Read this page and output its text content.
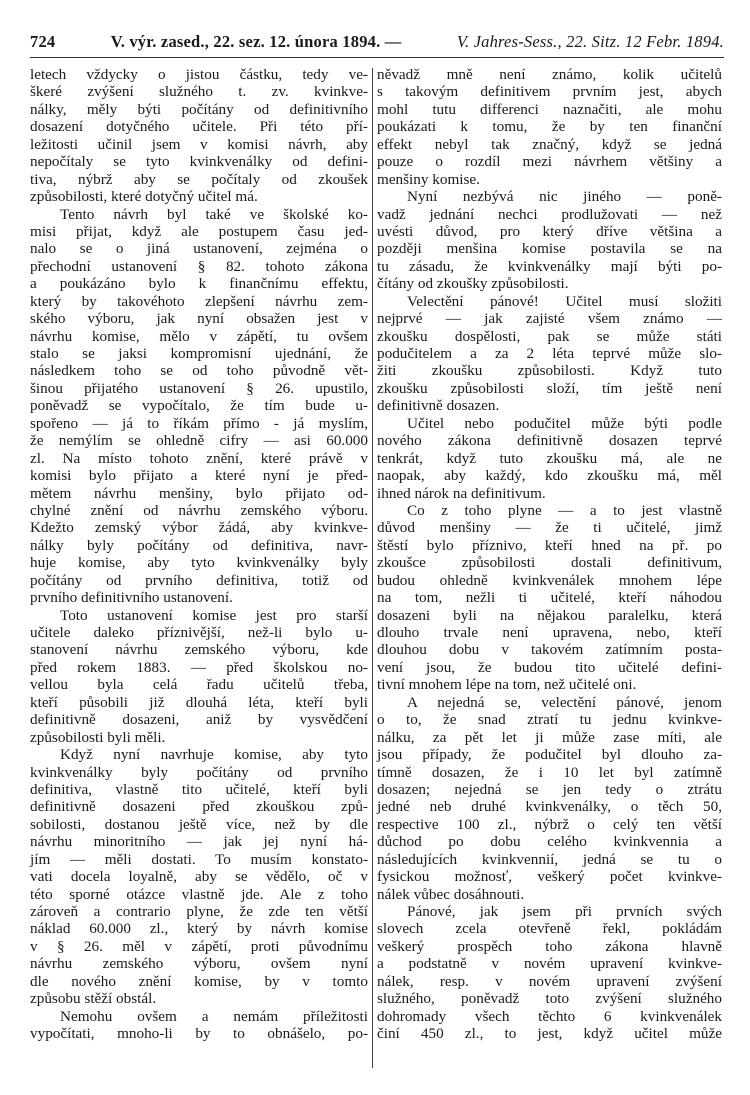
724	V. výr. zased., 22. sez. 12. února 1894. —	V. Jahres-Sess., 22. Sitz. 12 Febr. 1894.
letech vždycky o jistou částku, tedy ve-
škeré zvýšení služného t. zv. kvinkve-
nálky, měly býti počítány od definitivního
dosazení dotyčného učitele. Při této pří-
ležitosti učinil jsem v komisi návrh, aby
nepočítaly se tyto kvinkvenálky od defini-
tiva, nýbrž aby se počítaly od zkoušek
způsobilosti, které dotyčný učitel má.
Tento návrh byl také ve školské ko-
misi přijat, když ale postupem času jed-
nalo se o jiná ustanovení, zejména o
přechodní ustanovení § 82. tohoto zákona
a poukázáno bylo k finančnímu effektu,
který by takovéhoto zlepšení návrhu zem-
ského výboru, jak nyní obsažen jest v
návrhu komise, mělo v zápětí, tu ovšem
stalo se jaksi kompromisní ujednání, že
následkem toho se od toho původně vět-
šinou přijatého ustanovení § 26. upustilo,
poněvadž se vypočítalo, že tím bude u-
spořeno — já to říkám přímo - já myslím,
že nemýlím se ohledně cifry — asi 60.000
zl. Na místo tohoto znění, které právě v
komisi bylo přijato a které nyní je před-
mětem návrhu menšiny, bylo přijato od-
chylné znění od návrhu zemského výboru.
Kdežto zemský výbor žádá, aby kvinkve-
nálky byly počítány od definitiva, navr-
huje komise, aby tyto kvinkvenálky byly
počítány od prvního definitiva, totiž od
prvního definitivního ustanovení.
Toto ustanovení komise jest pro starší
učitele daleko příznivější, než-li bylo u-
stanovení návrhu zemského výboru, kde
před rokem 1883. — před školskou no-
vellou byla celá řadu učitelů třeba,
kteří působili již dlouhá léta, kteří byli
definitivně dosazeni, aniž by vysvědčení
způsobilosti byli měli.
Když nyní navrhuje komise, aby tyto
kvinkvenálky byly počítány od prvního
definitiva, vlastně tito učitelé, kteří byli
definitivně dosazeni před zkouškou způ-
sobilosti, dostanou ještě více, než by dle
návrhu minoritního — jak jej nyní há-
jím — měli dostati. To musím konstato-
vati docela loyalně, aby se vědělo, oč v
této sporné otázce vlastně jde. Ale z toho
zároveň a contrario plyne, že zde ten větší
náklad 60.000 zl., který by návrh komise
v § 26. měl v zápětí, proti původnímu
návrhu zemského výboru, ovšem nyní
dle nového znění komise, by v tomto
způsobu stěží obstál.
Nemohu ovšem a nemám příležitosti
vypočítati, mnoho-li by to obnášelo, po-
něvadž mně není známo, kolik učitelů
s takovým definitivem prvním jest, abych
mohl tutu differenci naznačiti, ale mohu
poukázati k tomu, že by ten finanční
effekt nebyl tak značný, když se jedná
pouze o rozdíl mezi návrhem většiny a
menšiny komise.
Nyní nezbývá nic jiného — poně-
vadž jednání nechci prodlužovati — než
uvésti důvod, pro který dříve většina a
později menšina komise postavila se na
tu zásadu, že kvinkvenálky mají býti po-
čítány od zkoušky způsobilosti.
Velectění pánové! Učitel musí složiti
nejprvé — jak zajisté všem známo —
zkoušku dospělosti, pak se může státi
podučitelem a za 2 léta teprvé může slo-
žiti zkoušku způsobilosti. Když tuto
zkoušku způsobilosti složí, tím ještě není
definitivně dosazen.
Učitel nebo podučitel může býti podle
nového zákona definitivně dosazen teprvé
tenkrát, když tuto zkoušku má, ale ne
naopak, aby každý, kdo zkoušku má, měl
ihned nárok na definitivum.
Co z toho plyne — a to jest vlastně
důvod menšiny — že ti učitelé, jimž
štěstí bylo příznivo, kteří hned na př. po
zkoušce způsobilosti dostali definitivum,
budou ohledně kvinkvenálek mnohem lépe
na tom, nežli ti učitelé, kteří náhodou
dosazeni byli na nějakou paralelku, která
dlouho trvale není upravena, nebo, kteří
dlouhou dobu v takovém zatímním posta-
vení jsou, že budou tito učitelé defini-
tivní mnohem lépe na tom, než učitelé oni.
A nejedná se, velectění pánové, jenom
o to, že snad ztratí tu jednu kvinkve-
nálku, za pět let ji může zase míti, ale
jsou případy, že podučitel byl dlouho za-
tímně dosazen, že i 10 let byl zatímně
dosazen; nejedná se jen tedy o ztrátu
jedné neb druhé kvinkvenálky, o těch 50,
respective 100 zl., nýbrž o celý ten větší
důchod po dobu celého kvinkvennia a
následujících kvinkvennií, jedná se tu o
fysickou možnosť, veškerý počet kvinkve-
nálek vůbec dosáhnouti.
Pánové, jak jsem při prvních svých
slovech zcela otevřeně řekl, pokládám
veškerý prospěch toho zákona hlavně
a podstatně v novém upravení kvinkve-
nálek, resp. v novém upravení zvýšení
služného, poněvadž toto zvýšení služného
dohromady všech těchto 6 kvinkvenálek
činí 450 zl., to jest, když učitel může
